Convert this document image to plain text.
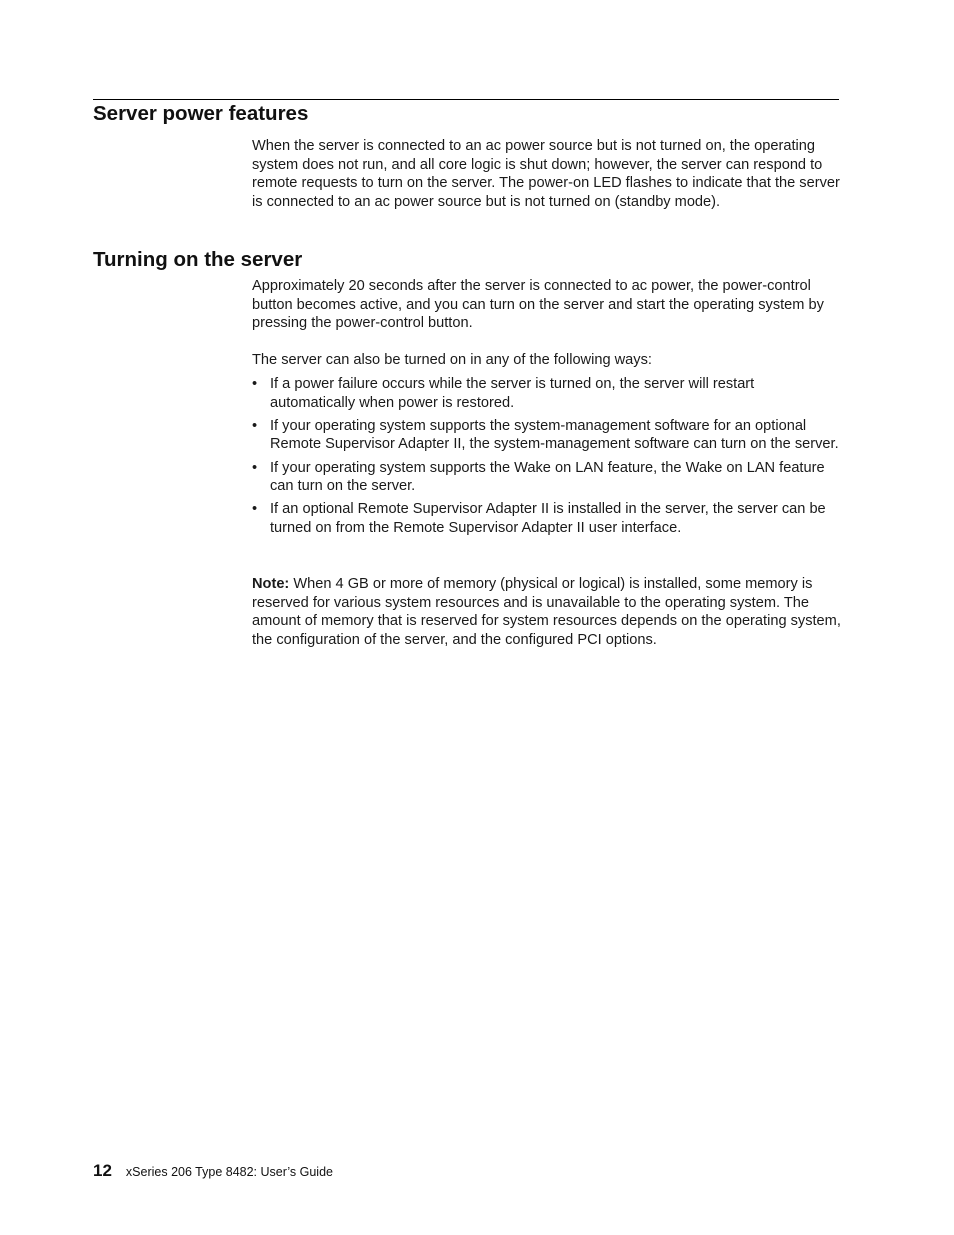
Server power features

When the server is connected to an ac power source but is not turned on, the operating system does not run, and all core logic is shut down; however, the server can respond to remote requests to turn on the server. The power-on LED flashes to indicate that the server is connected to an ac power source but is not turned on (standby mode).

Turning on the server

Approximately 20 seconds after the server is connected to ac power, the power-control button becomes active, and you can turn on the server and start the operating system by pressing the power-control button.

The server can also be turned on in any of the following ways:

• If a power failure occurs while the server is turned on, the server will restart automatically when power is restored.
• If your operating system supports the system-management software for an optional Remote Supervisor Adapter II, the system-management software can turn on the server.
• If your operating system supports the Wake on LAN feature, the Wake on LAN feature can turn on the server.
• If an optional Remote Supervisor Adapter II is installed in the server, the server can be turned on from the Remote Supervisor Adapter II user interface.

Note: When 4 GB or more of memory (physical or logical) is installed, some memory is reserved for various system resources and is unavailable to the operating system. The amount of memory that is reserved for system resources depends on the operating system, the configuration of the server, and the configured PCI options.

12 xSeries 206 Type 8482: User’s Guide
